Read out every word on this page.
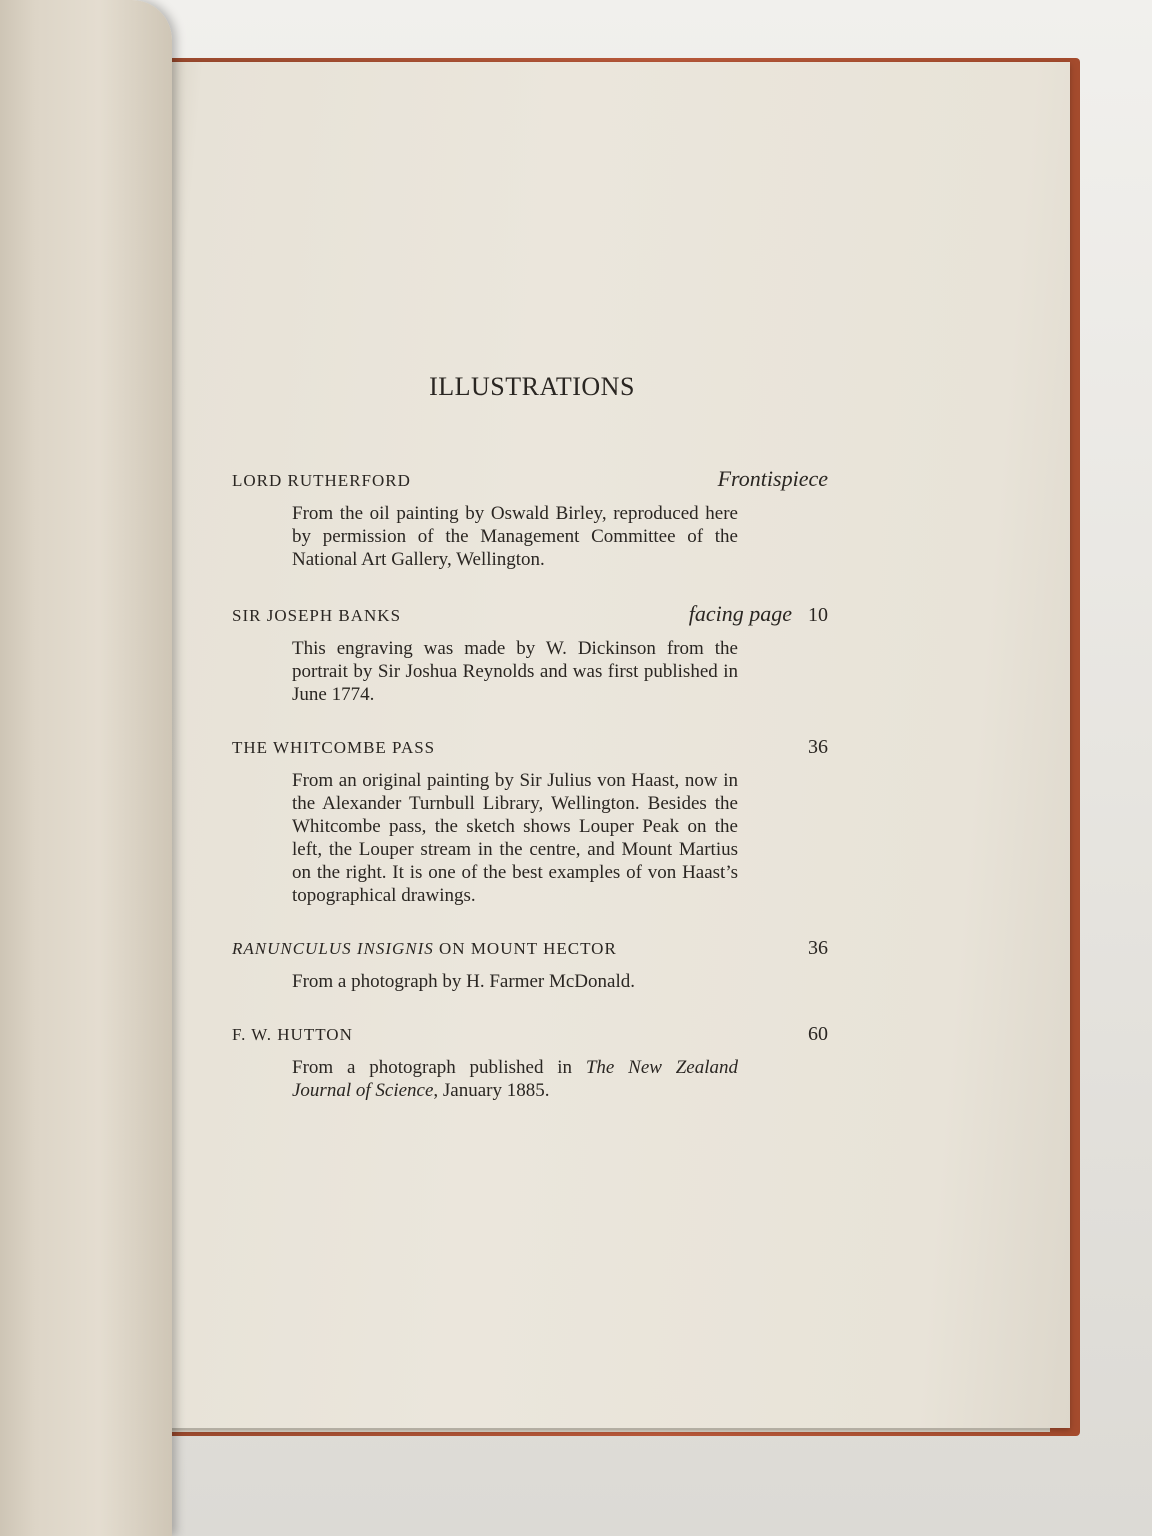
ILLUSTRATIONS
LORD RUTHERFORD	Frontispiece
From the oil painting by Oswald Birley, reproduced here by permission of the Management Committee of the National Art Gallery, Wellington.
SIR JOSEPH BANKS	facing page 10
This engraving was made by W. Dickinson from the portrait by Sir Joshua Reynolds and was first published in June 1774.
THE WHITCOMBE PASS	36
From an original painting by Sir Julius von Haast, now in the Alexander Turnbull Library, Wellington. Besides the Whitcombe pass, the sketch shows Louper Peak on the left, the Louper stream in the centre, and Mount Martius on the right. It is one of the best examples of von Haast’s topographical drawings.
RANUNCULUS INSIGNIS ON MOUNT HECTOR	36
From a photograph by H. Farmer McDonald.
F. W. HUTTON	60
From a photograph published in The New Zealand Journal of Science, January 1885.
